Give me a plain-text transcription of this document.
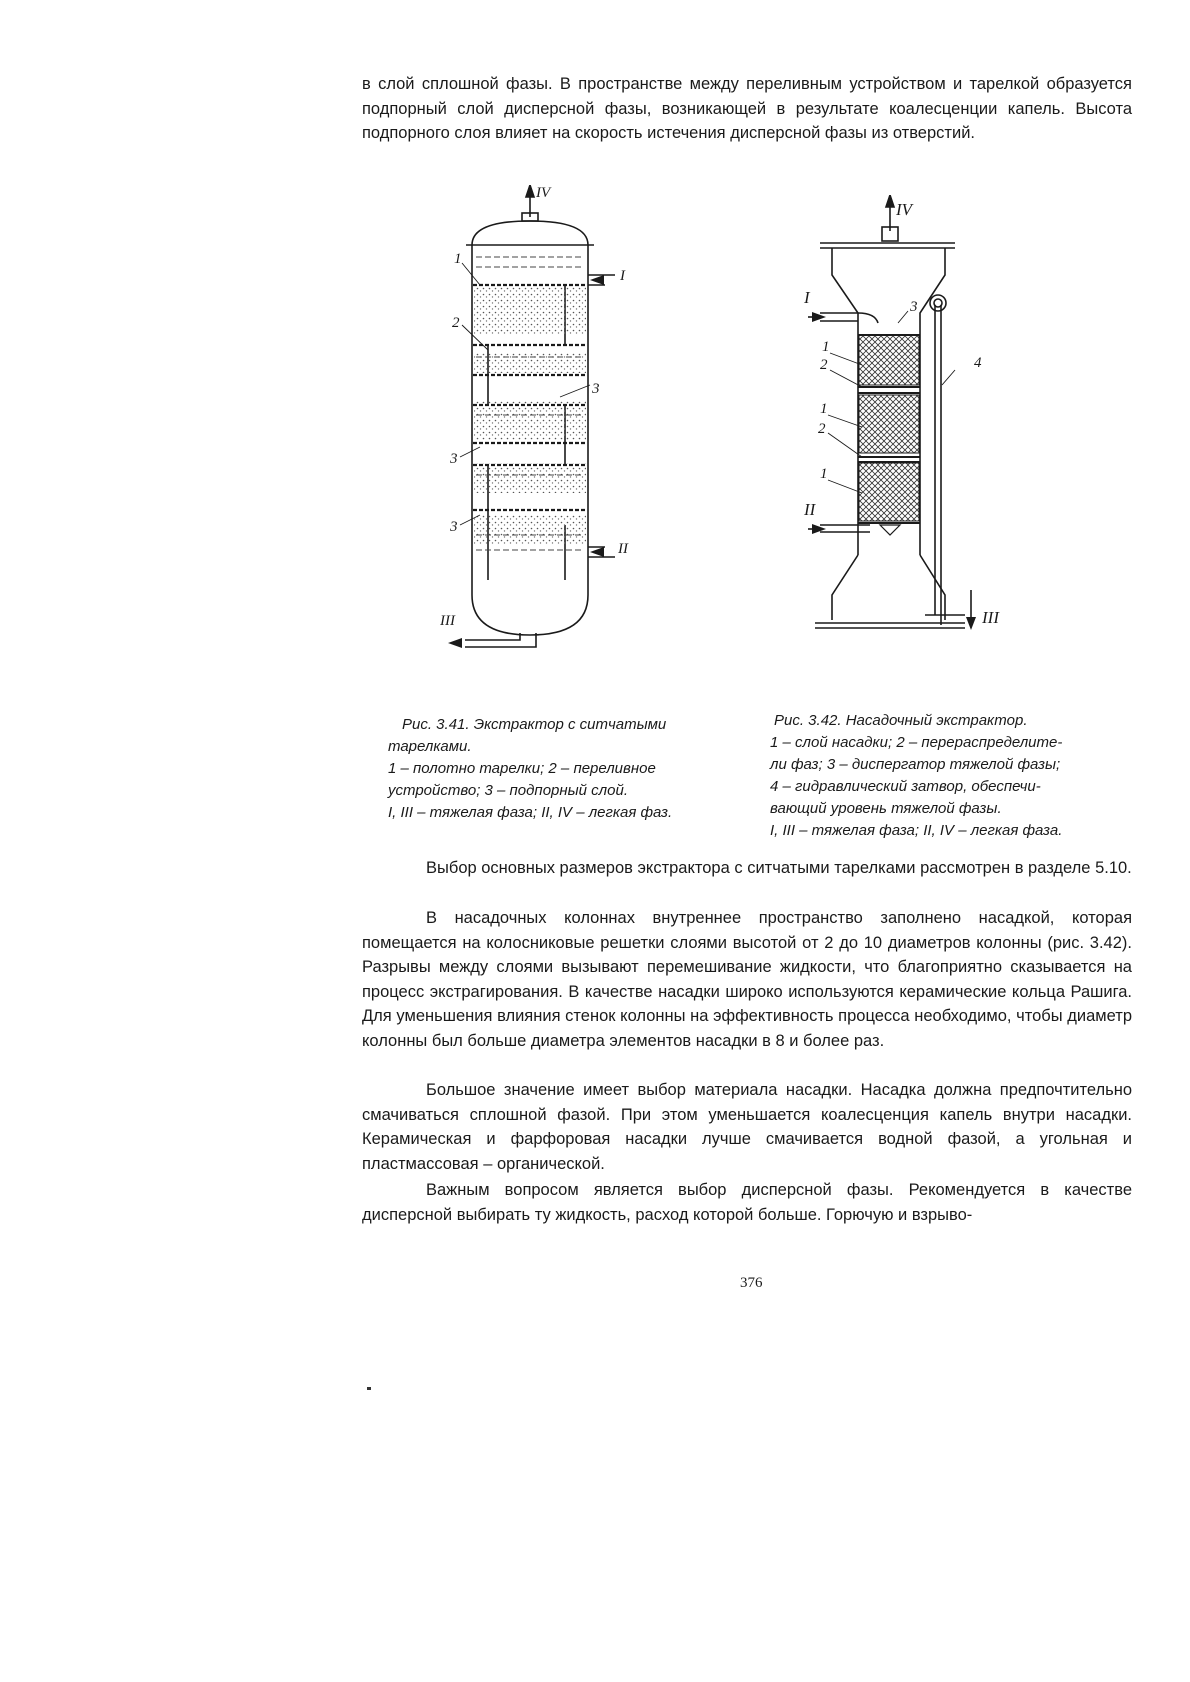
в слой сплошной фазы. В пространстве между переливным устройством и тарелкой образуется подпорный слой дисперсной фазы, возникающей в результате коалесценции капель. Высота подпорного слоя влияет на скорость истечения дисперсной фазы из отверстий.

IV
I
II
III
1
2
3
3
3
IV
I
II
III
3
4
1
2
1
2
1
Рис. 3.41. Экстрактор с ситчатыми
тарелками.
1 – полотно тарелки; 2 – переливное
устройство; 3 – подпорный слой.
I, III – тяжелая фаза; II, IV – легкая фаз.
Рис. 3.42. Насадочный экстрактор.
1 – слой насадки; 2 – перераспределите-
ли фаз; 3 – диспергатор тяжелой фазы;
4 – гидравлический затвор, обеспечи-
вающий уровень тяжелой фазы.
I, III – тяжелая фаза; II, IV – легкая фаза.

Выбор основных размеров экстрактора с ситчатыми тарелками рассмотрен в разделе 5.10.

В насадочных колоннах внутреннее пространство заполнено насадкой, которая помещается на колосниковые решетки слоями высотой от 2 до 10 диаметров колонны (рис. 3.42). Разрывы между слоями вызывают перемешивание жидкости, что благоприятно сказывается на процесс экстрагирования. В качестве насадки широко используются керамические кольца Рашига. Для уменьшения влияния стенок колонны на эффективность процесса необходимо, чтобы диаметр колонны был больше диаметра элементов насадки в 8 и более раз.

Большое значение имеет выбор материала насадки. Насадка должна предпочтительно смачиваться сплошной фазой. При этом уменьшается коалесценция капель внутри насадки. Керамическая и фарфоровая насадки лучше смачивается водной фазой, а угольная и пластмассовая – органической.

Важным вопросом является выбор дисперсной фазы. Рекомендуется в качестве дисперсной выбирать ту жидкость, расход которой больше. Горючую и взрыво-

376
